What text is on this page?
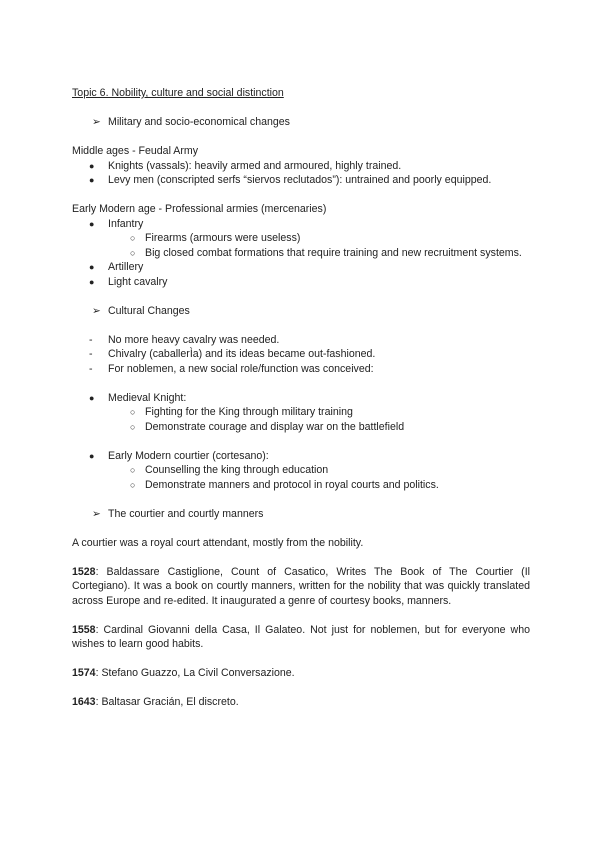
Topic 6. Nobility, culture and social distinction

➢ Military and socio-economical changes

Middle ages - Feudal Army

●	Knights (vassals): heavily armed and armoured, highly trained.
●	Levy men (conscripted serfs “siervos reclutados”): untrained and poorly equipped.

Early Modern age - Professional armies (mercenaries)

●	Infantry
○ Firearms (armours were useless)
○ Big closed combat formations that require training and new recruitment systems.
●	Artillery
●	Light cavalry
➢ Cultural Changes
-	No more heavy cavalry was needed.
-	Chivalry (caballerÌa) and its ideas became out-fashioned.
-	For noblemen, a new social role/function was conceived:
●	Medieval Knight:
○ Fighting for the King through military training
○ Demonstrate courage and display war on the battlefield
●	Early Modern courtier (cortesano):
○ Counselling the king through education
○ Demonstrate manners and protocol in royal courts and politics.
➢ The courtier and courtly manners

A courtier was a royal court attendant, mostly from the nobility.

1528: Baldassare Castiglione, Count of Casatico, Writes The Book of The Courtier (Il Cortegiano). It was a book on courtly manners, written for the nobility that was quickly translated across Europe and re-edited. It inaugurated a genre of courtesy books, manners.

1558: Cardinal Giovanni della Casa, Il Galateo. Not just for noblemen, but for everyone who wishes to learn good habits.

1574: Stefano Guazzo, La Civil Conversazione.

1643: Baltasar Gracián, El discreto.
